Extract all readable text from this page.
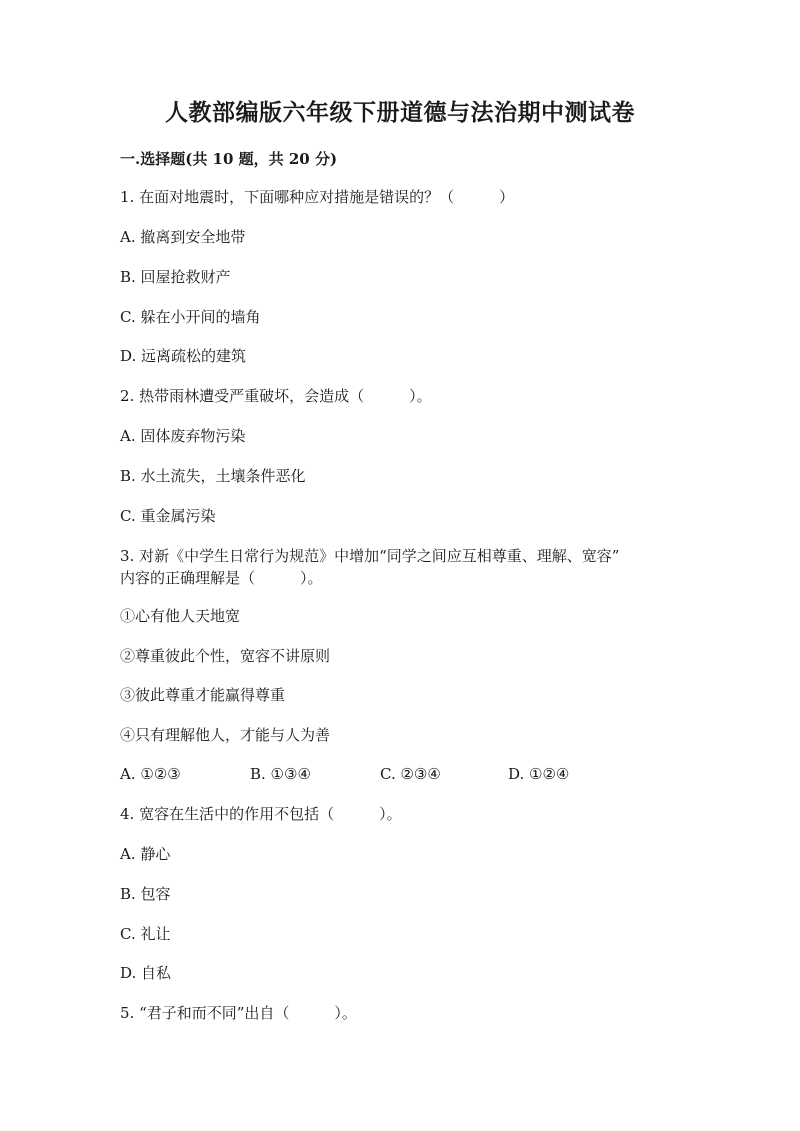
人教部编版六年级下册道德与法治期中测试卷
一.选择题(共 10 题，共 20 分)
1. 在面对地震时，下面哪种应对措施是错误的？（　　　）
A. 撤离到安全地带
B. 回屋抢救财产
C. 躲在小开间的墙角
D. 远离疏松的建筑
2. 热带雨林遭受严重破坏，会造成（　　　）。
A. 固体废弃物污染
B. 水土流失，土壤条件恶化
C. 重金属污染
3. 对新《中学生日常行为规范》中增加“同学之间应互相尊重、理解、宽容”
内容的正确理解是（　　　）。
①心有他人天地宽
②尊重彼此个性，宽容不讲原则
③彼此尊重才能赢得尊重
④只有理解他人，才能与人为善
A. ①②③	B. ①③④	C. ②③④	D. ①②④
4. 宽容在生活中的作用不包括（　　　）。
A. 静心
B. 包容
C. 礼让
D. 自私
5. “君子和而不同”出自（　　　）。
